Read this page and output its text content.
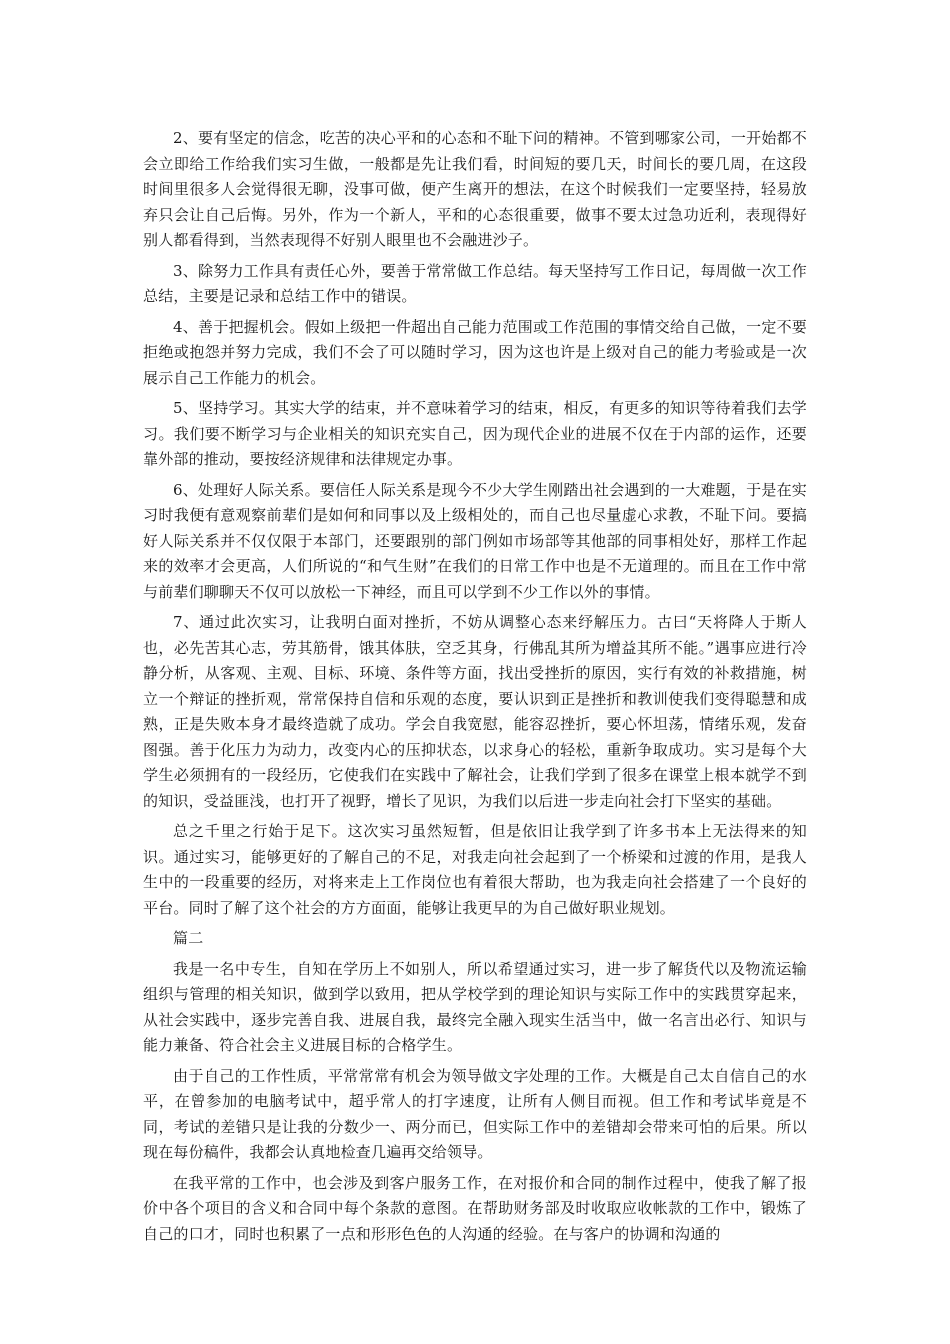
2、要有坚定的信念，吃苦的决心平和的心态和不耻下问的精神。不管到哪家公司，一开始都不会立即给工作给我们实习生做，一般都是先让我们看，时间短的要几天，时间长的要几周，在这段时间里很多人会觉得很无聊，没事可做，便产生离开的想法，在这个时候我们一定要坚持，轻易放弃只会让自己后悔。另外，作为一个新人，平和的心态很重要，做事不要太过急功近利，表现得好别人都看得到，当然表现得不好别人眼里也不会融进沙子。

3、除努力工作具有责任心外，要善于常常做工作总结。每天坚持写工作日记，每周做一次工作总结，主要是记录和总结工作中的错误。

4、善于把握机会。假如上级把一件超出自己能力范围或工作范围的事情交给自己做，一定不要拒绝或抱怨并努力完成，我们不会了可以随时学习，因为这也许是上级对自己的能力考验或是一次展示自己工作能力的机会。

5、坚持学习。其实大学的结束，并不意味着学习的结束，相反，有更多的知识等待着我们去学习。我们要不断学习与企业相关的知识充实自己，因为现代企业的进展不仅在于内部的运作，还要靠外部的推动，要按经济规律和法律规定办事。

6、处理好人际关系。要信任人际关系是现今不少大学生刚踏出社会遇到的一大难题，于是在实习时我便有意观察前辈们是如何和同事以及上级相处的，而自己也尽量虚心求教，不耻下问。要搞好人际关系并不仅仅限于本部门，还要跟别的部门例如市场部等其他部的同事相处好，那样工作起来的效率才会更高，人们所说的“和气生财”在我们的日常工作中也是不无道理的。而且在工作中常与前辈们聊聊天不仅可以放松一下神经，而且可以学到不少工作以外的事情。

7、通过此次实习，让我明白面对挫折，不妨从调整心态来纾解压力。古曰“天将降人于斯人也，必先苦其心志，劳其筋骨，饿其体肤，空乏其身，行佛乱其所为增益其所不能。”遇事应进行冷静分析，从客观、主观、目标、环境、条件等方面，找出受挫折的原因，实行有效的补救措施，树立一个辩证的挫折观，常常保持自信和乐观的态度，要认识到正是挫折和教训使我们变得聪慧和成熟，正是失败本身才最终造就了成功。学会自我宽慰，能容忍挫折，要心怀坦荡，情绪乐观，发奋图强。善于化压力为动力，改变内心的压抑状态，以求身心的轻松，重新争取成功。实习是每个大学生必须拥有的一段经历，它使我们在实践中了解社会，让我们学到了很多在课堂上根本就学不到的知识，受益匪浅，也打开了视野，增长了见识，为我们以后进一步走向社会打下坚实的基础。

总之千里之行始于足下。这次实习虽然短暂，但是依旧让我学到了许多书本上无法得来的知识。通过实习，能够更好的了解自己的不足，对我走向社会起到了一个桥梁和过渡的作用，是我人生中的一段重要的经历，对将来走上工作岗位也有着很大帮助，也为我走向社会搭建了一个良好的平台。同时了解了这个社会的方方面面，能够让我更早的为自己做好职业规划。

篇二

我是一名中专生，自知在学历上不如别人，所以希望通过实习，进一步了解货代以及物流运输组织与管理的相关知识，做到学以致用，把从学校学到的理论知识与实际工作中的实践贯穿起来，从社会实践中，逐步完善自我、进展自我，最终完全融入现实生活当中，做一名言出必行、知识与能力兼备、符合社会主义进展目标的合格学生。

由于自己的工作性质，平常常常有机会为领导做文字处理的工作。大概是自己太自信自己的水平，在曾参加的电脑考试中，超乎常人的打字速度，让所有人侧目而视。但工作和考试毕竟是不同，考试的差错只是让我的分数少一、两分而已，但实际工作中的差错却会带来可怕的后果。所以现在每份稿件，我都会认真地检查几遍再交给领导。

在我平常的工作中，也会涉及到客户服务工作，在对报价和合同的制作过程中，使我了解了报价中各个项目的含义和合同中每个条款的意图。在帮助财务部及时收取应收帐款的工作中，锻炼了自己的口才，同时也积累了一点和形形色色的人沟通的经验。在与客户的协调和沟通的
